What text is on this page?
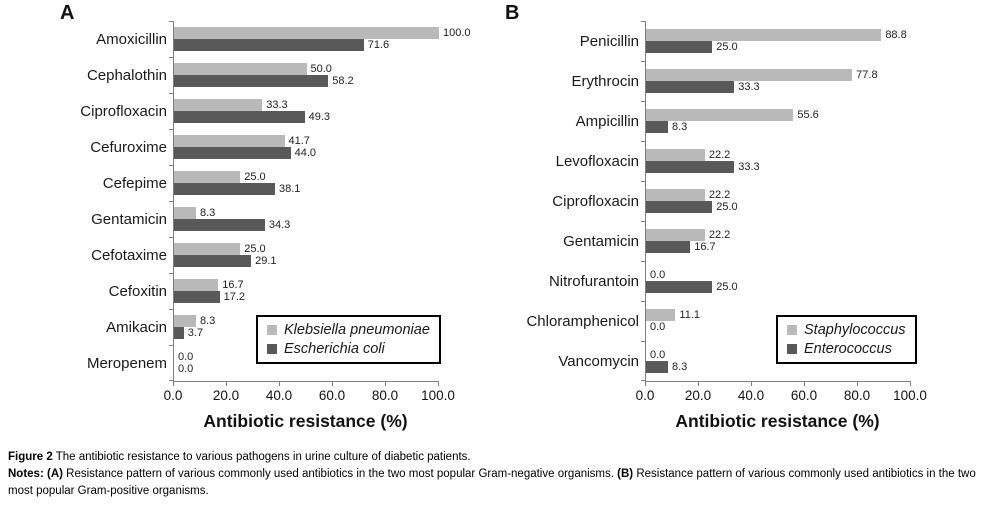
A
Amoxicillin
Cephalothin
Ciprofloxacin
Cefuroxime
Cefepime
Gentamicin
Cefotaxime
Cefoxitin
Amikacin
Meropenem
Klebsiella pneumoniae
Escherichia coli
100.0
71.6
50.0
58.2
33.3
49.3
41.7
44.0
25.0
38.1
8.3
34.3
25.0
29.1
16.7
17.2
8.3
3.7
0.0
0.0
0.0 20.0 40.0 60.0 80.0 100.0
Antibiotic resistance (%)
B
Penicillin
Erythrocin
Ampicillin
Levofloxacin
Ciprofloxacin
Gentamicin
Nitrofurantoin
Chloramphenicol
Vancomycin
Staphylococcus
Enterococcus
88.8
25.0
77.8
33.3
55.6
8.3
22.2
33.3
22.2
25.0
22.2
16.7
0.0
25.0
11.1
0.0
0.0
8.3
0.0 20.0 40.0 60.0 80.0 100.0
Antibiotic resistance (%)
Figure 2 The antibiotic resistance to various pathogens in urine culture of diabetic patients.
Notes: (A) Resistance pattern of various commonly used antibiotics in the two most popular Gram-negative organisms. (B) Resistance pattern of various commonly used antibiotics in the two most popular Gram-positive organisms.
